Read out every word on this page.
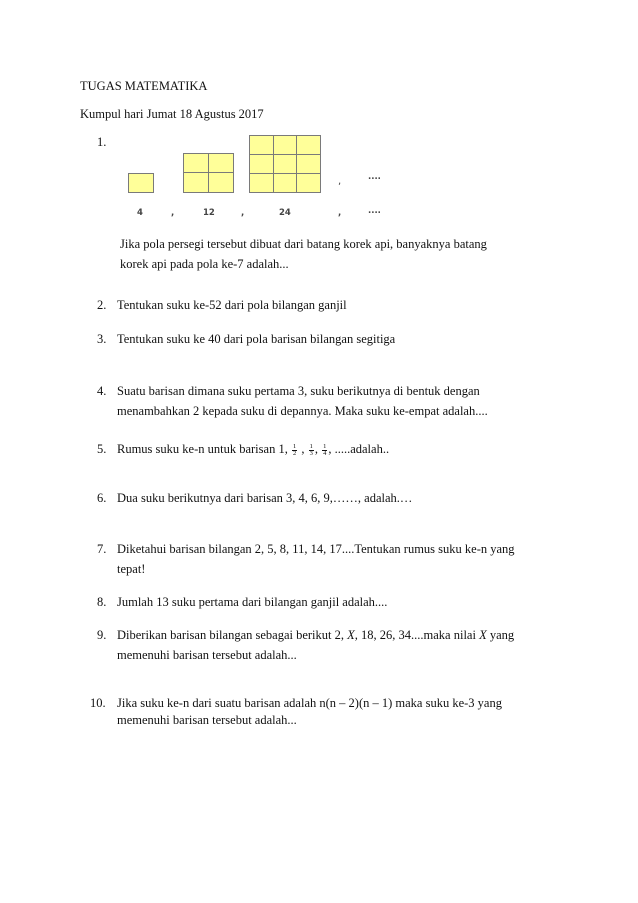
TUGAS MATEMATIKA
Kumpul hari Jumat 18 Agustus 2017
1.
,	....
4	,	12	,	24	,	....
Jika pola persegi tersebut dibuat dari batang korek api, banyaknya batang
korek api pada pola ke-7 adalah...
2. Tentukan suku ke-52 dari pola bilangan ganjil
3. Tentukan suku ke 40 dari pola barisan bilangan segitiga
4. Suatu barisan dimana suku pertama 3, suku berikutnya di bentuk dengan
menambahkan 2 kepada suku di depannya. Maka suku ke-empat adalah....
5. Rumus suku ke-n untuk barisan 1, $\frac{1}{2}$ , $\frac{1}{3}$ , $\frac{1}{4}$ , .....adalah..
6. Dua suku berikutnya dari barisan 3, 4, 6, 9,……, adalah.…
7. Diketahui barisan bilangan 2, 5, 8, 11, 14, 17....Tentukan rumus suku ke-n yang
tepat!
8. Jumlah 13 suku pertama dari bilangan ganjil adalah....
9. Diberikan barisan bilangan sebagai berikut 2, X, 18, 26, 34....maka nilai X yang
memenuhi barisan tersebut adalah...
10. Jika suku ke-n dari suatu barisan adalah n(n – 2)(n – 1) maka suku ke-3 yang
memenuhi barisan tersebut adalah...
